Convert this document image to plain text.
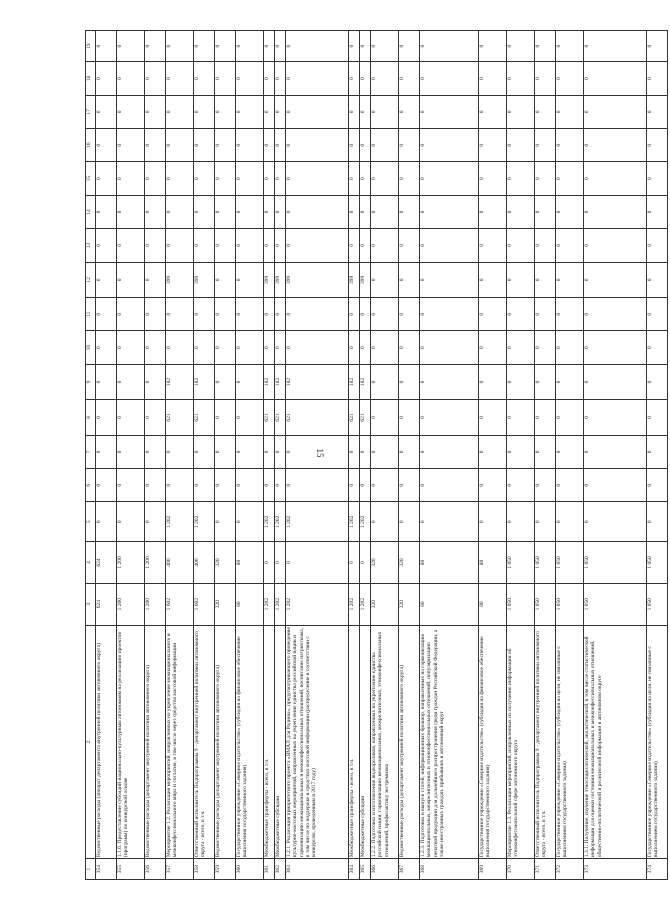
15
1	2	3	4	5	6	7	8	9	10	11	12	13	14	15	16	17	18	19
354	Ведомственные расходы (аппарат департамента внутренней политики автономного округа)	624	624	0	0	0	0	0	0	0	0	0	0	0	0	0	0	0
355	1.1.6. Предоставление субсидий национально-культурным автономиям на реализацию проектов (программ) по конкурсной основе	1 200	1 200	0	0	0	0	0	0	0	0	0	0	0	0	0	0	0
356	Ведомственные расходы (департамент внутренней политики автономного округа)	1 200	1 200	0	0	0	0	0	0	0	0	0	0	0	0	0	0	0
357	Мероприятие 1.2. Реализация мероприятий, направленных на укрепление межнационального и межконфессионального мира и согласия, в том числе через средства массовой информации	1 602	400	1 202	0	0	621	182	0	0	399	0	0	0	0	0	0	0
358	Ответственный исполнитель Подпрограммы 9 - департамент внутренней политики автономного округа - всего, в т.ч.	1 602	400	1 202	0	0	621	182	0	0	399	0	0	0	0	0	0	0
359	Ведомственные расходы (департамент внутренней политики автономного округа)	320	320	0	0	0	0	0	0	0	0	0	0	0	0	0	0	0
360	Государственное учреждение «Северное издательство» (субсидия на финансовое обеспечение выполнения государственного задания)	80	80	0	0	0	0	0	0	0	0	0	0	0	0	0	0	0
361	Межбюджетные трансферты - всего, в т.ч.	1 202	0	1 202	0	0	621	182	0	0	399	0	0	0	0	0	0	0
362	Межбюджетные субсидии	1 202	0	1 202	0	0	621	182	0	0	399	0	0	0	0	0	0	0
363	1.2.1. Реализация приоритетного проекта «ЯМАЛ для Родины», предусматривающего проведение культурно-массовых мероприятий, направленных на укрепление единства российской нации и гармонизацию межнациональных и межконфессиональных отношений, воспитание патриотизма, в том числе по поддержке в средствах массовой информации (распределение в соответствии с конкурсом, проведенным в 2017 году)	1 202	0	1 202	0	0	621	182	0	0	399	0	0	0	0	0	0	0
364	Межбюджетные трансферты - всего, в т.ч.	1 202	0	1 202	0	0	621	182	0	0	399	0	0	0	0	0	0	0
365	Межбюджетные субсидии	1 202	0	1 202	0	0	621	182	0	0	399	0	0	0	0	0	0	0
366	1.2.2. Подготовка и изготовление видеороликов, направленных на укрепление единства российской нации, гармонизацию межнациональных, межрелигиозных, этноконфессиональных отношений, профилактику экстремизма	320	320	0	0	0	0	0	0	0	0	0	0	0	0	0	0	0
367	Ведомственные расходы (департамент внутренней политики автономного округа)	320	320	0	0	0	0	0	0	0	0	0	0	0	0	0	0	0
368	1.2.3. Подготовка и выпуск статей, информационных брошюр, направленных на гармонизацию межнациональных, межрелигиозных и этноконфессиональных отношений, популяризацию печатной продукции для дальнейшего распространения среди граждан Российской Федерации, а также иностранных граждан, прибывших в автономный округ	80	80	0	0	0	0	0	0	0	0	0	0	0	0	0	0	0
369	Государственное учреждение «Северное издательство» (субсидия на финансовое обеспечение выполнения государственного задания)	80	80	0	0	0	0	0	0	0	0	0	0	0	0	0	0	0
370	Мероприятие 1.3. Реализация мероприятий, направленных на получение информации об этноконфессиональной сфере автономного округа	1 050	1 050	0	0	0	0	0	0	0	0	0	0	0	0	0	0	0
371	Ответственный исполнитель Подпрограммы 9 - департамент внутренней политики автономного округа - всего, в т.ч.	1 050	1 050	0	0	0	0	0	0	0	0	0	0	0	0	0	0	0
372	Государственное учреждение «Северное издательство» (субсидия на цели, не связанные с выполнением государственного задания)	1 050	1 050	0	0	0	0	0	0	0	0	0	0	0	0	0	0	0
373	1.3.1. Получение, изучение этносоциологической, аналитической, в том числе статистической информации для оценки состояния межнациональных и межконфессиональных отношений, общественно-политической и религиозной информации в автономном округе	1 050	1 050	0	0	0	0	0	0	0	0	0	0	0	0	0	0	0
374	Государственное учреждение «Северное издательство» (субсидия на цели, не связанные с выполнением государственного задания)	1 050	1 050	0	0	0	0	0	0	0	0	0	0	0	0	0	0	0
